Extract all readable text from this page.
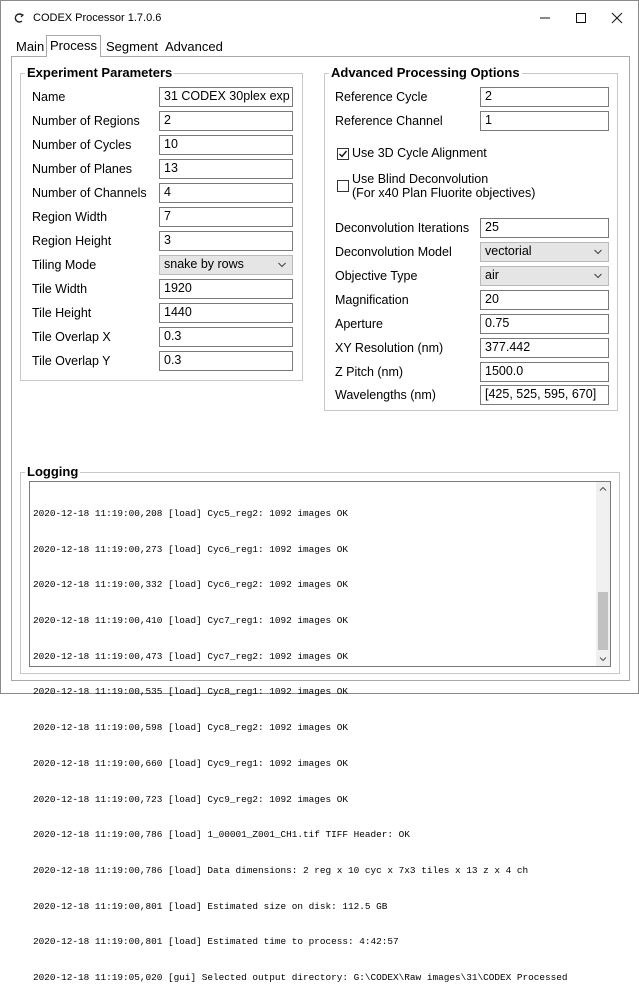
CODEX Processor 1.7.0.6
Main Process Segment Advanced
Experiment Parameters
Name	31 CODEX 30plex exp
Number of Regions	2
Number of Cycles	10
Number of Planes	13
Number of Channels	4
Region Width	7
Region Height	3
Tiling Mode	snake by rows
Tile Width	1920
Tile Height	1440
Tile Overlap X	0.3
Tile Overlap Y	0.3
Advanced Processing Options
Reference Cycle	2
Reference Channel	1
Use 3D Cycle Alignment
Use Blind Deconvolution
(For x40 Plan Fluorite objectives)
Deconvolution Iterations	25
Deconvolution Model	vectorial
Objective Type	air
Magnification	20
Aperture	0.75
XY Resolution (nm)	377.442
Z Pitch (nm)	1500.0
Wavelengths (nm)	[425, 525, 595, 670]
Logging

2020-12-18 11:19:00,208 [load] Cyc5_reg2: 1092 images OK

2020-12-18 11:19:00,273 [load] Cyc6_reg1: 1092 images OK

2020-12-18 11:19:00,332 [load] Cyc6_reg2: 1092 images OK

2020-12-18 11:19:00,410 [load] Cyc7_reg1: 1092 images OK

2020-12-18 11:19:00,473 [load] Cyc7_reg2: 1092 images OK

2020-12-18 11:19:00,535 [load] Cyc8_reg1: 1092 images OK

2020-12-18 11:19:00,598 [load] Cyc8_reg2: 1092 images OK

2020-12-18 11:19:00,660 [load] Cyc9_reg1: 1092 images OK

2020-12-18 11:19:00,723 [load] Cyc9_reg2: 1092 images OK

2020-12-18 11:19:00,786 [load] 1_00001_Z001_CH1.tif TIFF Header: OK

2020-12-18 11:19:00,786 [load] Data dimensions: 2 reg x 10 cyc x 7x3 tiles x 13 z x 4 ch

2020-12-18 11:19:00,801 [load] Estimated size on disk: 112.5 GB

2020-12-18 11:19:00,801 [load] Estimated time to process: 4:42:57

2020-12-18 11:19:05,020 [gui] Selected output directory: G:\CODEX\Raw images\31\CODEX Processed
